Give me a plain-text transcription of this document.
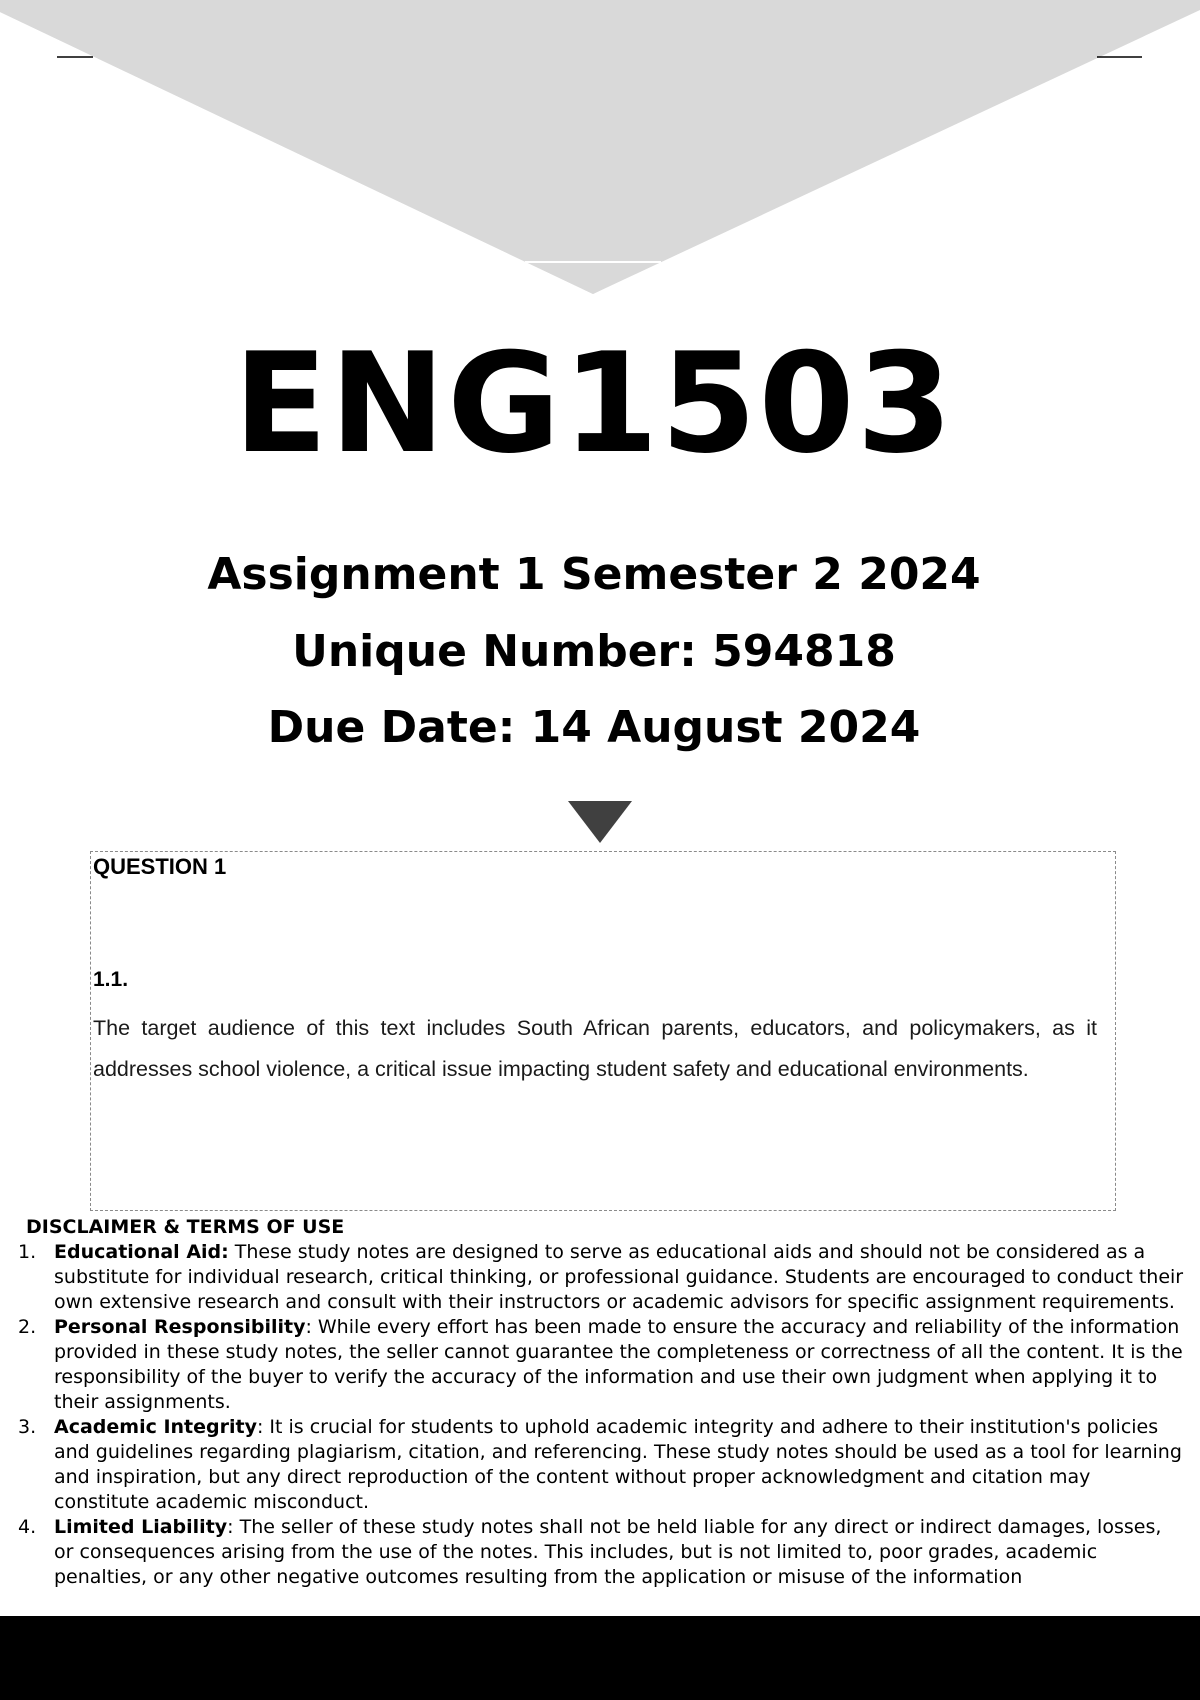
ENG1503
Assignment 1 Semester 2 2024
Unique Number: 594818
Due Date: 14 August 2024
QUESTION 1
1.1.

The target audience of this text includes South African parents, educators, and policymakers, as it addresses school violence, a critical issue impacting student safety and educational environments.

DISCLAIMER & TERMS OF USE
1. Educational Aid: These study notes are designed to serve as educational aids and should not be considered as a substitute for individual research, critical thinking, or professional guidance. Students are encouraged to conduct their own extensive research and consult with their instructors or academic advisors for specific assignment requirements.
2. Personal Responsibility: While every effort has been made to ensure the accuracy and reliability of the information provided in these study notes, the seller cannot guarantee the completeness or correctness of all the content. It is the responsibility of the buyer to verify the accuracy of the information and use their own judgment when applying it to their assignments.
3. Academic Integrity: It is crucial for students to uphold academic integrity and adhere to their institution's policies and guidelines regarding plagiarism, citation, and referencing. These study notes should be used as a tool for learning and inspiration, but any direct reproduction of the content without proper acknowledgment and citation may constitute academic misconduct.
4. Limited Liability: The seller of these study notes shall not be held liable for any direct or indirect damages, losses, or consequences arising from the use of the notes. This includes, but is not limited to, poor grades, academic penalties, or any other negative outcomes resulting from the application or misuse of the information
